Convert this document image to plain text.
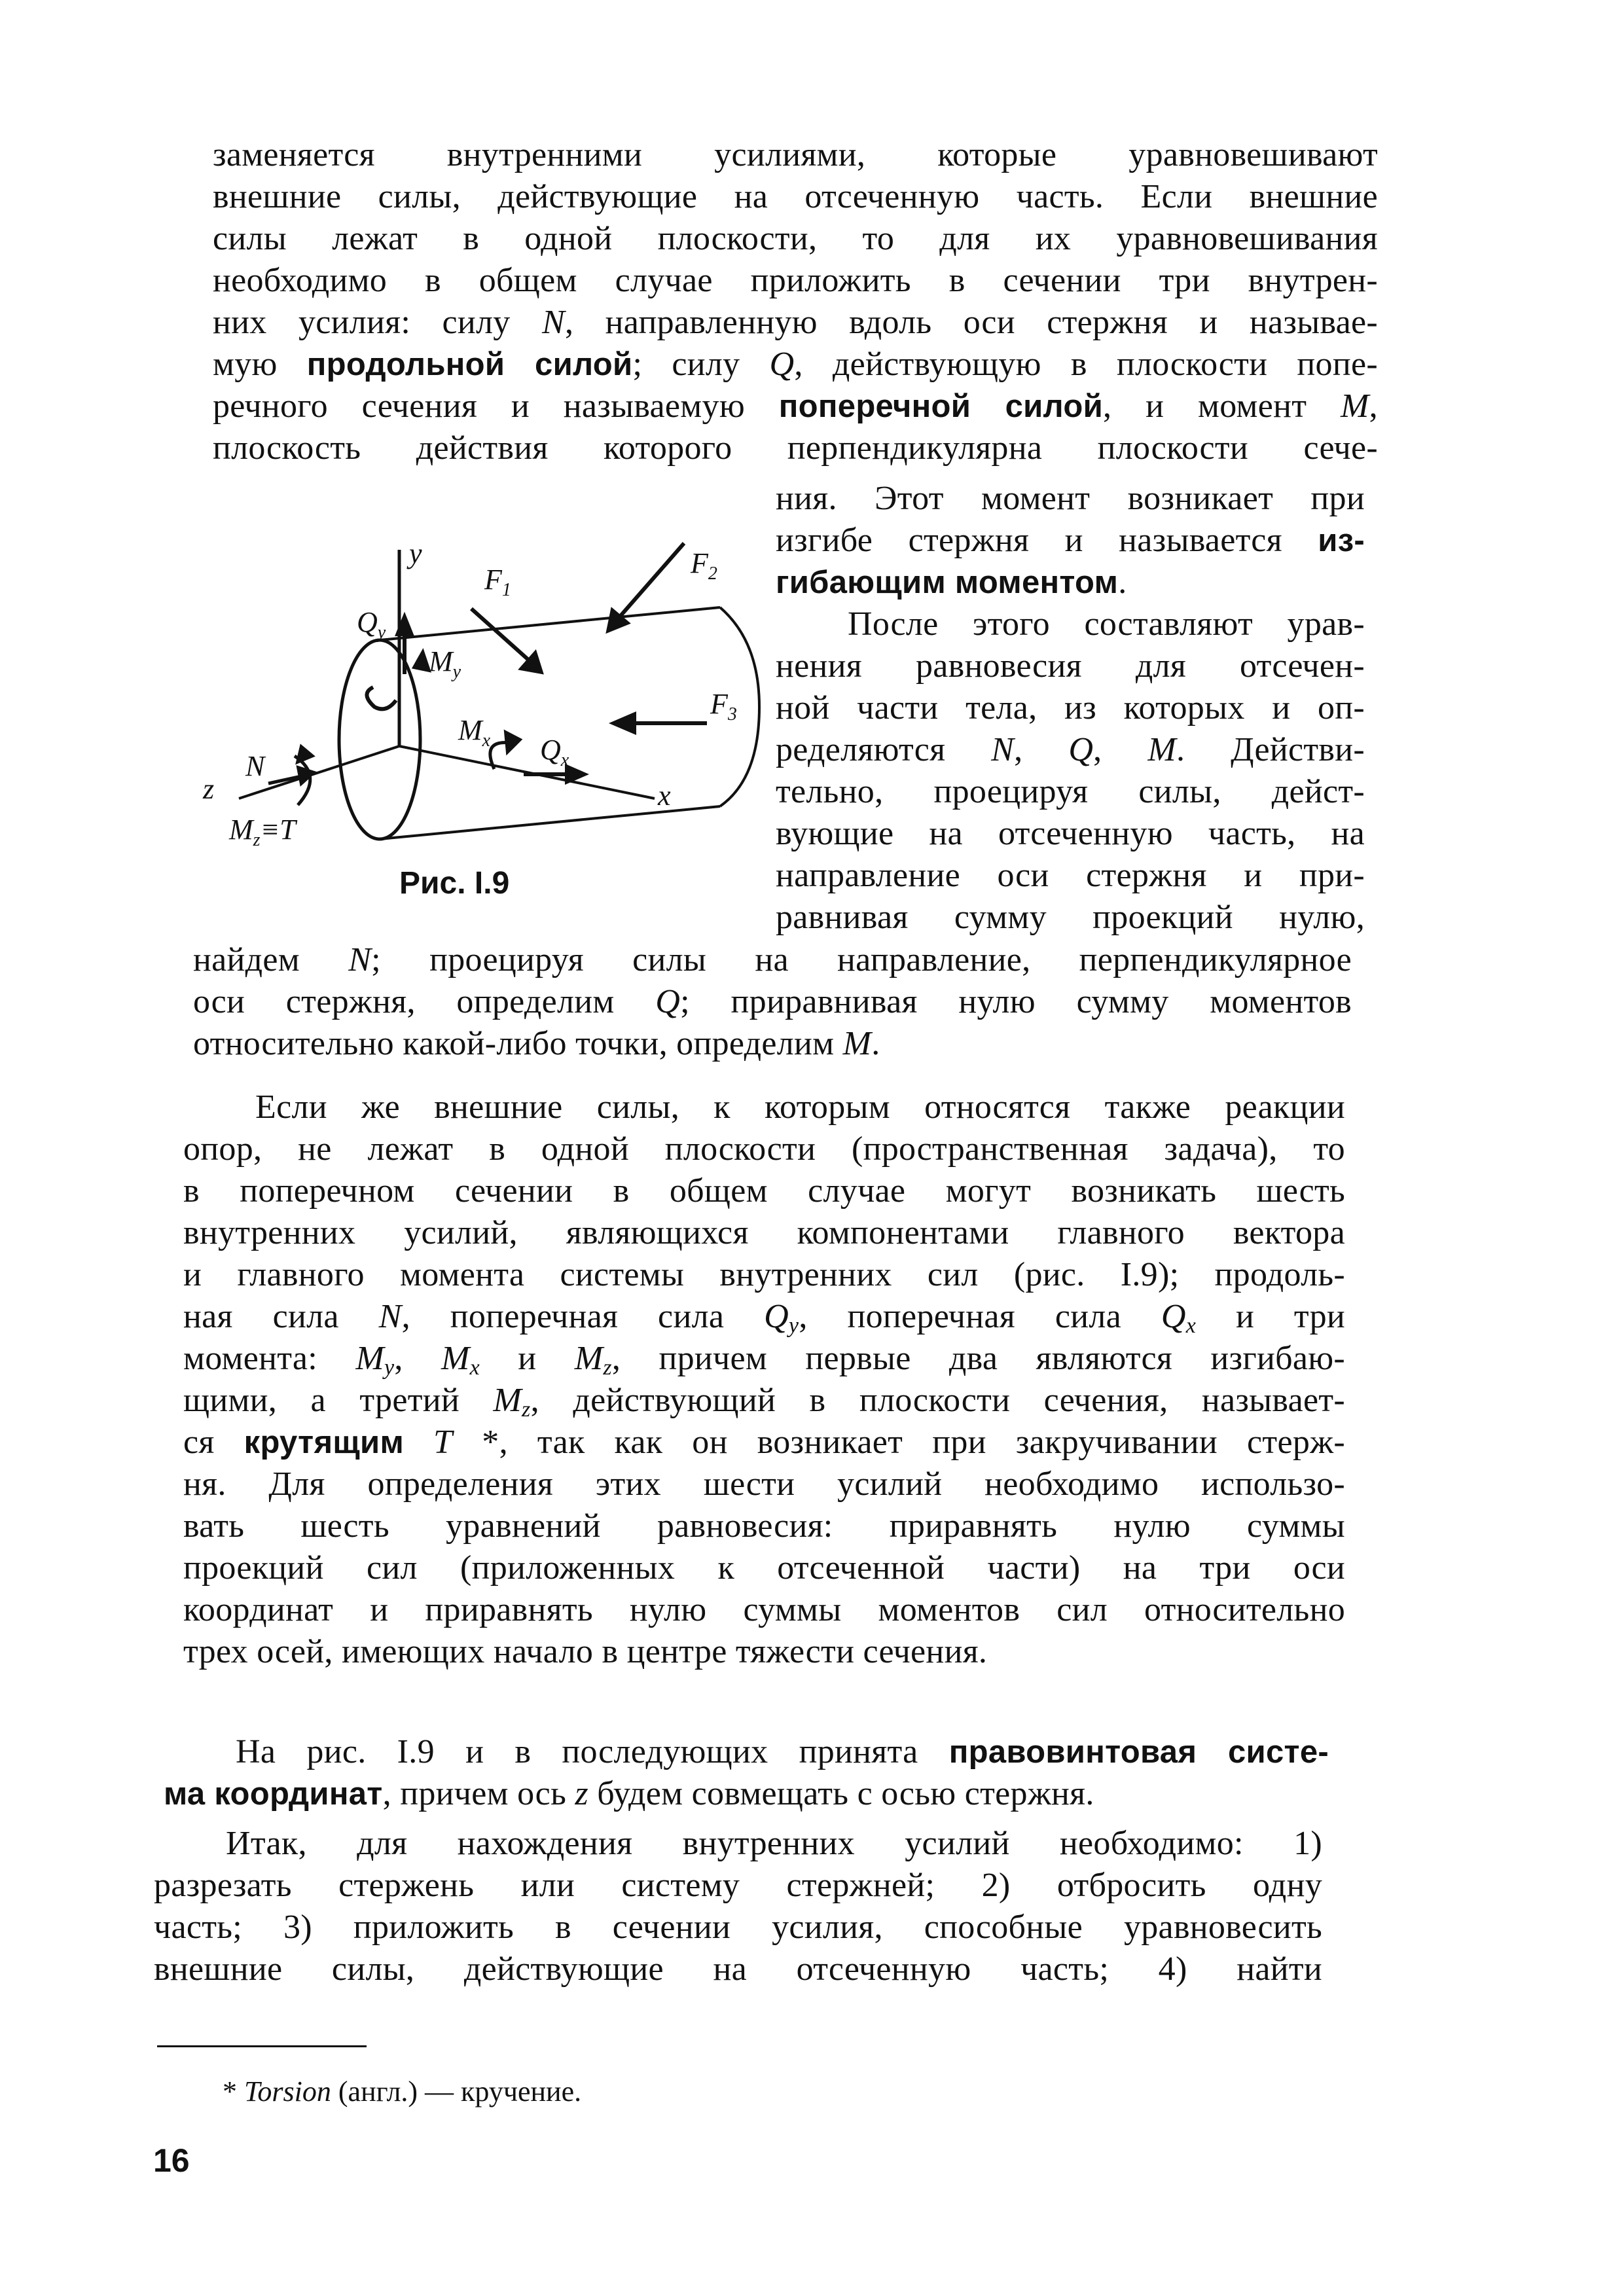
заменяется внутренними усилиями, которые уравновешивают
внешние силы, действующие на отсеченную часть. Если внешние
силы лежат в одной плоскости, то для их уравновешивания
необходимо в общем случае приложить в сечении три внутрен-
них усилия: силу N, направленную вдоль оси стержня и называе-
мую продольной силой; силу Q, действующую в плоскости попе-
речного сечения и называемую поперечной силой, и момент M,
плоскость действия которого перпендикулярна плоскости сече-
y
$F_1$
$F_2$
$Q_y$
$M_y$
$F_3$
$M_x$ $Q_x$
x
z
N
$M_z\equiv T$
Рис. I.9
ния. Этот момент возникает при
изгибе стержня и называется из-
гибающим моментом.
После этого составляют урав-
нения равновесия для отсечен-
ной части тела, из которых и оп-
ределяются N, Q, M. Действи-
тельно, проецируя силы, дейст-
вующие на отсеченную часть, на
направление оси стержня и при-
равнивая сумму проекций нулю,
найдем N; проецируя силы на направление, перпендикулярное
оси стержня, определим Q; приравнивая нулю сумму моментов
относительно какой-либо точки, определим M.
Если же внешние силы, к которым относятся также реакции
опор, не лежат в одной плоскости (пространственная задача), то
в поперечном сечении в общем случае могут возникать шесть
внутренних усилий, являющихся компонентами главного вектора
и главного момента системы внутренних сил (рис. I.9); продоль-
ная сила N, поперечная сила $Q_y$, поперечная сила $Q_x$ и три
момента: $M_y$, $M_x$ и $M_z$, причем первые два являются изгибаю-
щими, а третий $M_z$, действующий в плоскости сечения, называет-
ся крутящим T *, так как он возникает при закручивании стерж-
ня. Для определения этих шести усилий необходимо использо-
вать шесть уравнений равновесия: приравнять нулю суммы
проекций сил (приложенных к отсеченной части) на три оси
координат и приравнять нулю суммы моментов сил относительно
трех осей, имеющих начало в центре тяжести сечения.
На рис. I.9 и в последующих принята правовинтовая систе-
ма координат, причем ось z будем совмещать с осью стержня.
Итак, для нахождения внутренних усилий необходимо: 1)
разрезать стержень или систему стержней; 2) отбросить одну
часть; 3) приложить в сечении усилия, способные уравновесить
внешние силы, действующие на отсеченную часть; 4) найти
* Torsion (англ.) — кручение.
16
